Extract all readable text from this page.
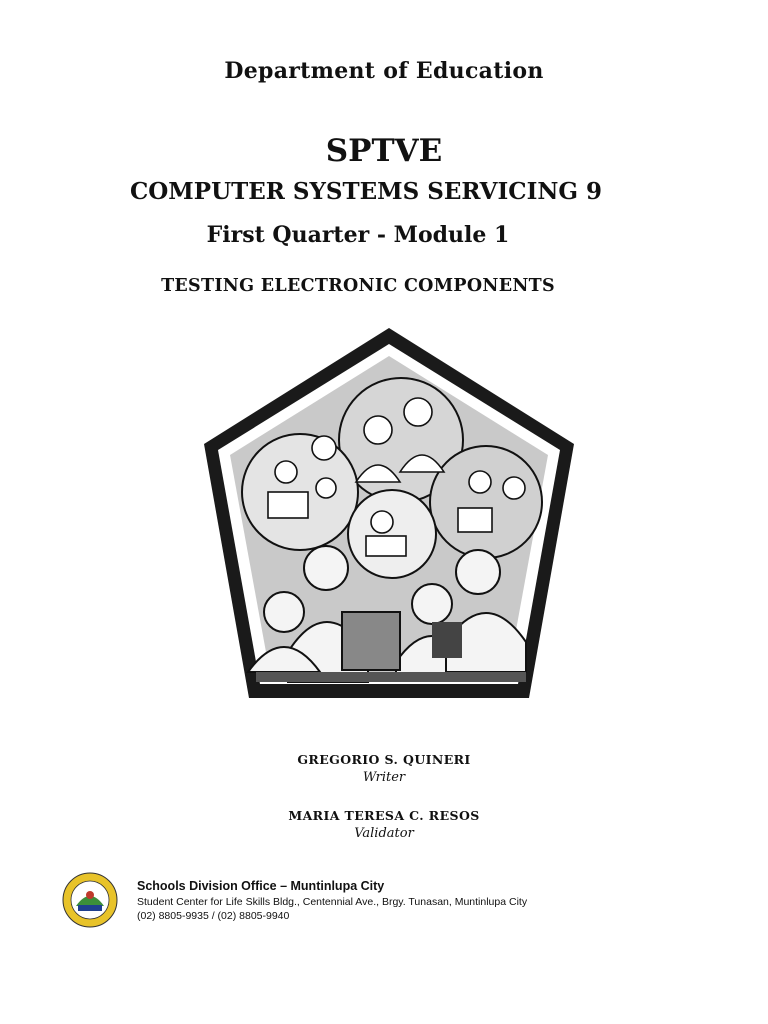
Department of Education
SPTVE
COMPUTER SYSTEMS SERVICING 9
First Quarter - Module 1
TESTING ELECTRONIC COMPONENTS
GREGORIO S. QUINERI
Writer
MARIA TERESA C. RESOS
Validator
Schools Division Office – Muntinlupa City
Student Center for Life Skills Bldg., Centennial Ave., Brgy. Tunasan, Muntinlupa City
(02) 8805-9935 / (02) 8805-9940
